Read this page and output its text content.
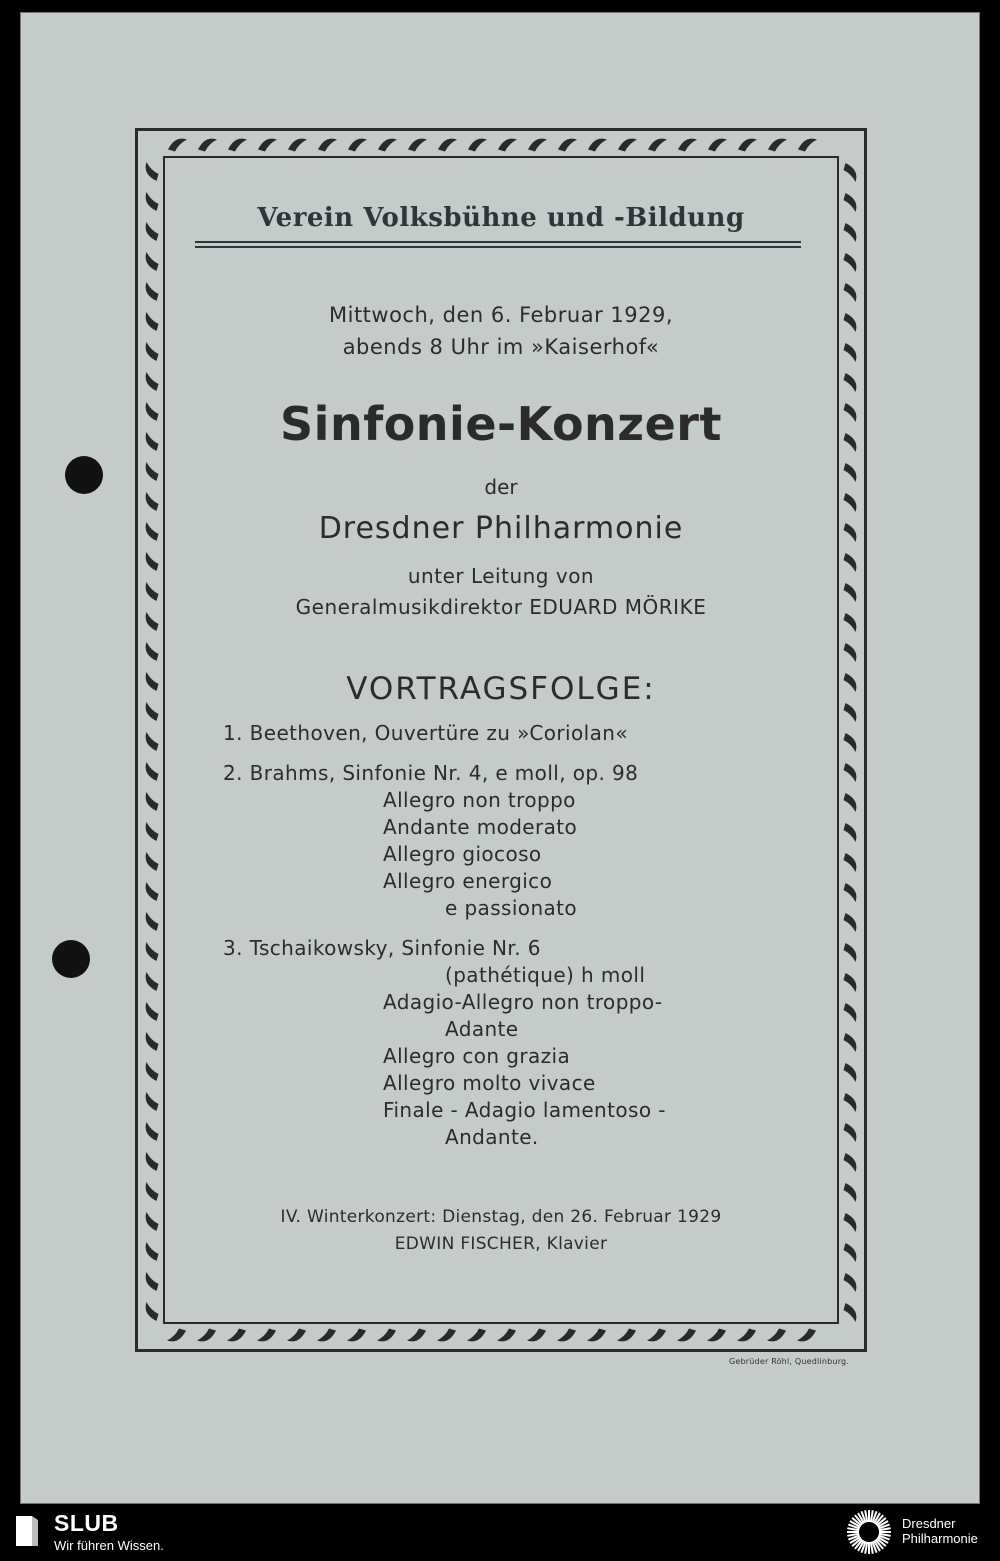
Verein Volksbühne und -Bildung
Mittwoch, den 6. Februar 1929,
abends 8 Uhr im »Kaiserhof«
Sinfonie-Konzert
der
Dresdner Philharmonie
unter Leitung von
Generalmusikdirektor EDUARD MÖRIKE
VORTRAGSFOLGE:
1. Beethoven, Ouvertüre zu »Coriolan«
2. Brahms, Sinfonie Nr. 4, e moll, op. 98
Allegro non troppo
Andante moderato
Allegro giocoso
Allegro energico
e passionato
3. Tschaikowsky, Sinfonie Nr. 6
(pathétique) h moll
Adagio-Allegro non troppo-
Adante
Allegro con grazia
Allegro molto vivace
Finale - Adagio lamentoso -
Andante.
IV. Winterkonzert: Dienstag, den 26. Februar 1929
EDWIN FISCHER, Klavier
Gebrüder Röhl, Quedlinburg.
SLUB
Wir führen Wissen.
Dresdner
Philharmonie
